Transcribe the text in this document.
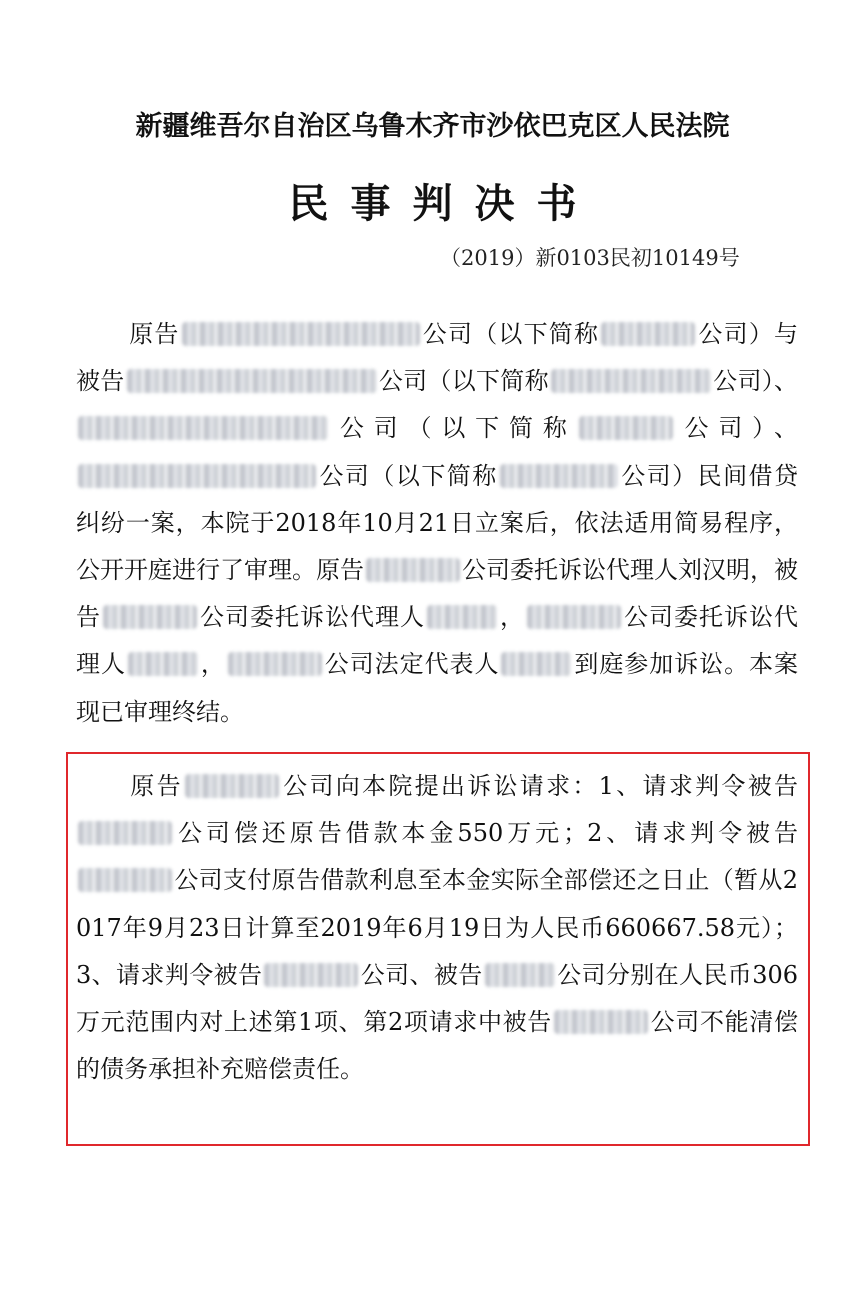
新疆维吾尔自治区乌鲁木齐市沙依巴克区人民法院
民事判决书
（2019）新0103民初10149号
原告	公司（以下简称	公司）与被告	公司（以下简称	公司）、公司（以下简称	公司）、公司（以下简称	公司）民间借贷纠纷一案，本院于2018年10月21日立案后，依法适用简易程序，公开开庭进行了审理。原告	公司委托诉讼代理人刘汉明，被告	公司委托诉讼代理人	，	公司委托诉讼代理人	，	公司法定代表人	到庭参加诉讼。本案现已审理终结。
原告	公司向本院提出诉讼请求：1、请求判令被告公司偿还原告借款本金550万元；2、请求判令被告公司支付原告借款利息至本金实际全部偿还之日止（暂从2017年9月23日计算至2019年6月19日为人民币660667.58元）；3、请求判令被告	公司、被告	公司分别在人民币306万元范围内对上述第1项、第2项请求中被告	公司不能清偿的债务承担补充赔偿责任。
